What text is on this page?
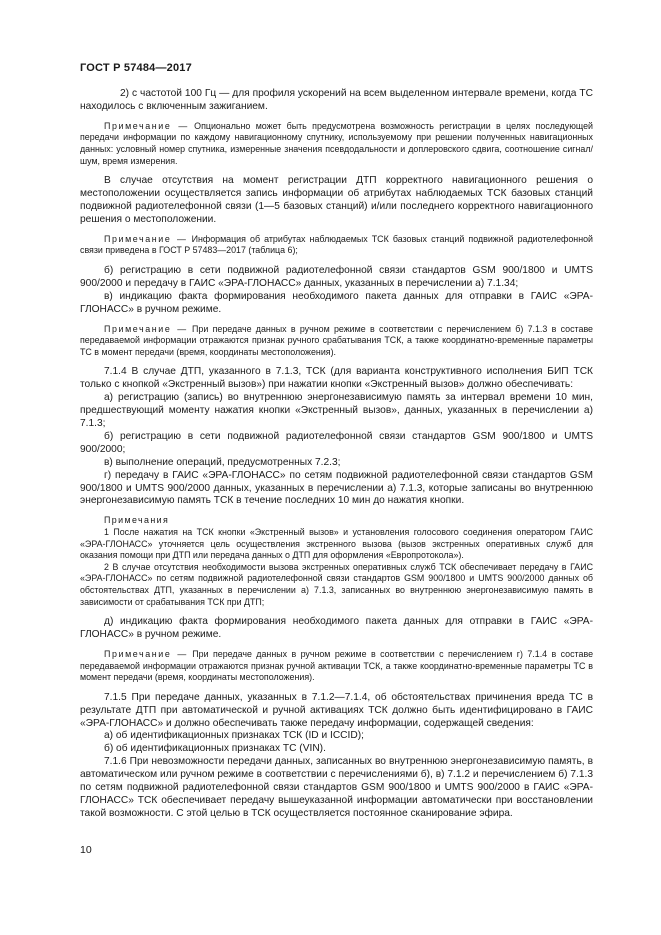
ГОСТ Р 57484—2017
2) с частотой 100 Гц — для профиля ускорений на всем выделенном интервале времени, когда ТС находилось с включенным зажиганием.
Примечание — Опционально может быть предусмотрена возможность регистрации в целях последующей передачи информации по каждому навигационному спутнику, используемому при решении полученных навигационных данных: условный номер спутника, измеренные значения псевдодальности и доплеровского сдвига, соотношение сигнал/шум, время измерения.
В случае отсутствия на момент регистрации ДТП корректного навигационного решения о местоположении осуществляется запись информации об атрибутах наблюдаемых ТСК базовых станций подвижной радиотелефонной связи (1—5 базовых станций) и/или последнего корректного навигационного решения о местоположении.
Примечание — Информация об атрибутах наблюдаемых ТСК базовых станций подвижной радиотелефонной связи приведена в ГОСТ Р 57483—2017 (таблица 6);
б) регистрацию в сети подвижной радиотелефонной связи стандартов GSM 900/1800 и UMTS 900/2000 и передачу в ГАИС «ЭРА-ГЛОНАСС» данных, указанных в перечислении а) 7.1.34;
в) индикацию факта формирования необходимого пакета данных для отправки в ГАИС «ЭРА-ГЛОНАСС» в ручном режиме.
Примечание — При передаче данных в ручном режиме в соответствии с перечислением б) 7.1.3 в составе передаваемой информации отражаются признак ручного срабатывания ТСК, а также координатно-временные параметры ТС в момент передачи (время, координаты местоположения).
7.1.4 В случае ДТП, указанного в 7.1.3, ТСК (для варианта конструктивного исполнения БИП ТСК только с кнопкой «Экстренный вызов») при нажатии кнопки «Экстренный вызов» должно обеспечивать:
а) регистрацию (запись) во внутреннюю энергонезависимую память за интервал времени 10 мин, предшествующий моменту нажатия кнопки «Экстренный вызов», данных, указанных в перечислении а) 7.1.3;
б) регистрацию в сети подвижной радиотелефонной связи стандартов GSM 900/1800 и UMTS 900/2000;
в) выполнение операций, предусмотренных 7.2.3;
г) передачу в ГАИС «ЭРА-ГЛОНАСС» по сетям подвижной радиотелефонной связи стандартов GSM 900/1800 и UMTS 900/2000 данных, указанных в перечислении а) 7.1.3, которые записаны во внутреннюю энергонезависимую память ТСК в течение последних 10 мин до нажатия кнопки.
Примечания
1 После нажатия на ТСК кнопки «Экстренный вызов» и установления голосового соединения оператором ГАИС «ЭРА-ГЛОНАСС» уточняется цель осуществления экстренного вызова (вызов экстренных оперативных служб для оказания помощи при ДТП или передача данных о ДТП для оформления «Европротокола»).
2 В случае отсутствия необходимости вызова экстренных оперативных служб ТСК обеспечивает передачу в ГАИС «ЭРА-ГЛОНАСС» по сетям подвижной радиотелефонной связи стандартов GSM 900/1800 и UMTS 900/2000 данных об обстоятельствах ДТП, указанных в перечислении а) 7.1.3, записанных во внутреннюю энергонезависимую память в зависимости от срабатывания ТСК при ДТП;
д) индикацию факта формирования необходимого пакета данных для отправки в ГАИС «ЭРА-ГЛОНАСС» в ручном режиме.
Примечание — При передаче данных в ручном режиме в соответствии с перечислением г) 7.1.4 в составе передаваемой информации отражаются признак ручной активации ТСК, а также координатно-временные параметры ТС в момент передачи (время, координаты местоположения).
7.1.5 При передаче данных, указанных в 7.1.2—7.1.4, об обстоятельствах причинения вреда ТС в результате ДТП при автоматической и ручной активациях ТСК должно быть идентифицировано в ГАИС «ЭРА-ГЛОНАСС» и должно обеспечивать также передачу информации, содержащей сведения:
а) об идентификационных признаках ТСК (ID и ICCID);
б) об идентификационных признаках ТС (VIN).
7.1.6 При невозможности передачи данных, записанных во внутреннюю энергонезависимую память, в автоматическом или ручном режиме в соответствии с перечислениями б), в) 7.1.2 и перечислением б) 7.1.3 по сетям подвижной радиотелефонной связи стандартов GSM 900/1800 и UMTS 900/2000 в ГАИС «ЭРА-ГЛОНАСС» ТСК обеспечивает передачу вышеуказанной информации автоматически при восстановлении такой возможности. С этой целью в ТСК осуществляется постоянное сканирование эфира.
10
